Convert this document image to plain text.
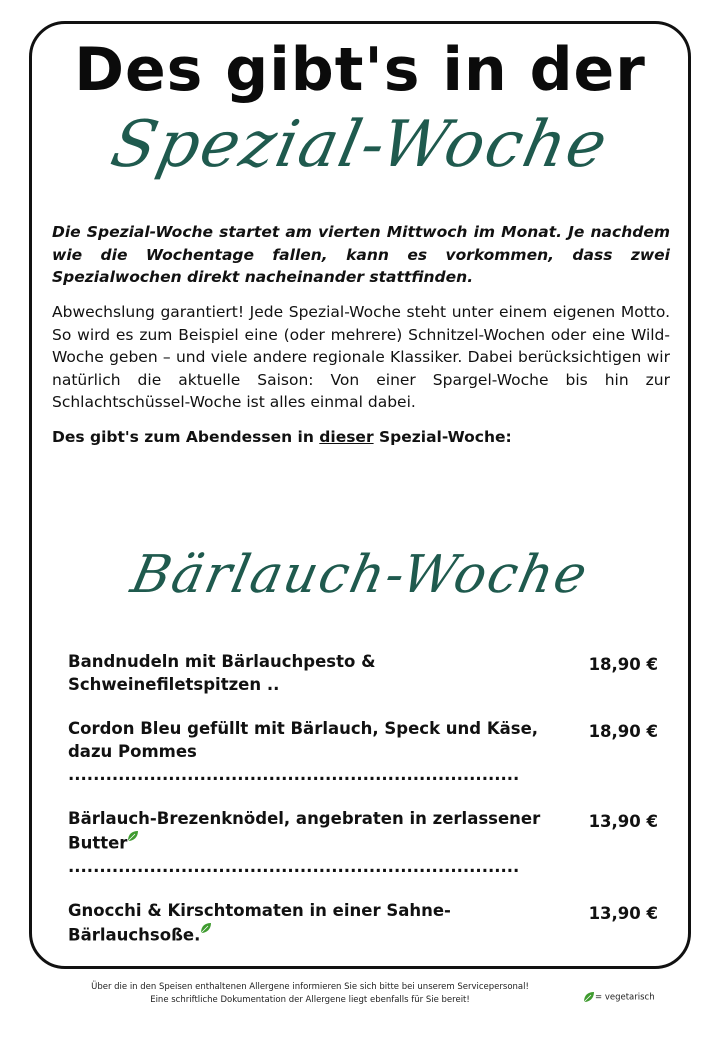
Des gibt's in der
Spezial-Woche
Die Spezial-Woche startet am vierten Mittwoch im Monat. Je nachdem wie die Wochentage fallen, kann es vorkommen, dass zwei Spezialwochen direkt nacheinander stattfinden.
Abwechslung garantiert! Jede Spezial-Woche steht unter einem eigenen Motto. So wird es zum Beispiel eine (oder mehrere) Schnitzel-Wochen oder eine Wild-Woche geben – und viele andere regionale Klassiker. Dabei berücksichtigen wir natürlich die aktuelle Saison: Von einer Spargel-Woche bis hin zur Schlachtschüssel-Woche ist alles einmal dabei.
Des gibt's zum Abendessen in dieser Spezial-Woche:
Bärlauch-Woche
Bandnudeln mit Bärlauchpesto & Schweinefiletspitzen ..
18,90 €
Cordon Bleu gefüllt mit Bärlauch, Speck und Käse, dazu Pommes ........................................................................
18,90 €
Bärlauch-Brezenknödel, angebraten in zerlassener Butter........................................................................
13,90 €
Gnocchi & Kirschtomaten in einer Sahne-Bärlauchsoße.
13,90 €
Über die in den Speisen enthaltenen Allergene informieren Sie sich bitte bei unserem Servicepersonal!
Eine schriftliche Dokumentation der Allergene liegt ebenfalls für Sie bereit!	= vegetarisch
